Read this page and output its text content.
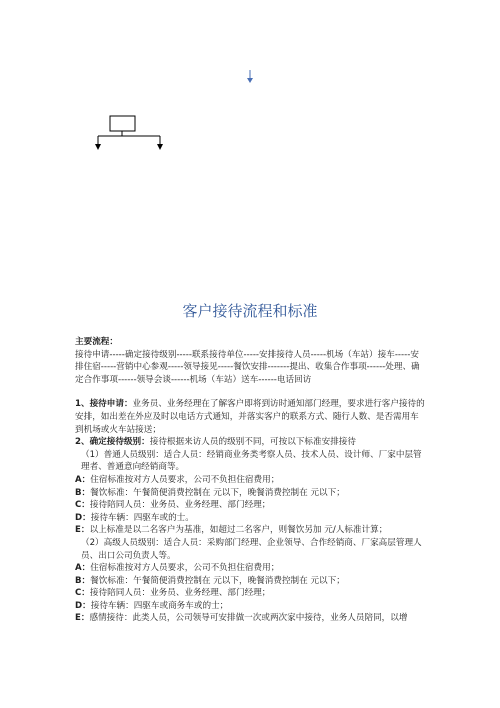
客户接待流程和标准

主要流程：

接待申请-----确定接待级别-----联系接待单位-----安排接待人员-----机场（车站）接车-----安排住宿-----营销中心参观-----领导接见-----餐饮安排-------提出、收集合作事项------处理、确定合作事项------领导会谈------机场（车站）送车------电话回访

1、接待申请：业务员、业务经理在了解客户即将到访时通知部门经理，要求进行客户接待的安排，如出差在外应及时以电话方式通知，并落实客户的联系方式、随行人数、是否需用车到机场或火车站接送；

2、确定接待级别：接待根据来访人员的级别不同，可按以下标准安排接待

（1）普通人员级别：适合人员：经销商业务类考察人员、技术人员、设计师、厂家中层管理者、普通意向经销商等。

A：住宿标准按对方人员要求，公司不负担住宿费用；

B：餐饮标准：午餐简便消费控制在 元以下，晚餐消费控制在 元以下；

C：接待陪同人员：业务员、业务经理、部门经理；

D：接待车辆：四驱车或的士。

E：以上标准是以二名客户为基准，如超过二名客户，则餐饮另加 元/人标准计算；

（2）高级人员级别：适合人员：采购部门经理、企业领导、合作经销商、厂家高层管理人员、出口公司负责人等。

A：住宿标准按对方人员要求，公司不负担住宿费用；

B：餐饮标准：午餐简便消费控制在 元以下，晚餐消费控制在 元以下；

C：接待陪同人员：业务员、业务经理、部门经理；

D：接待车辆：四驱车或商务车或的士；

E：感情接待：此类人员，公司领导可安排做一次或两次家中接待，业务人员陪同，以增
